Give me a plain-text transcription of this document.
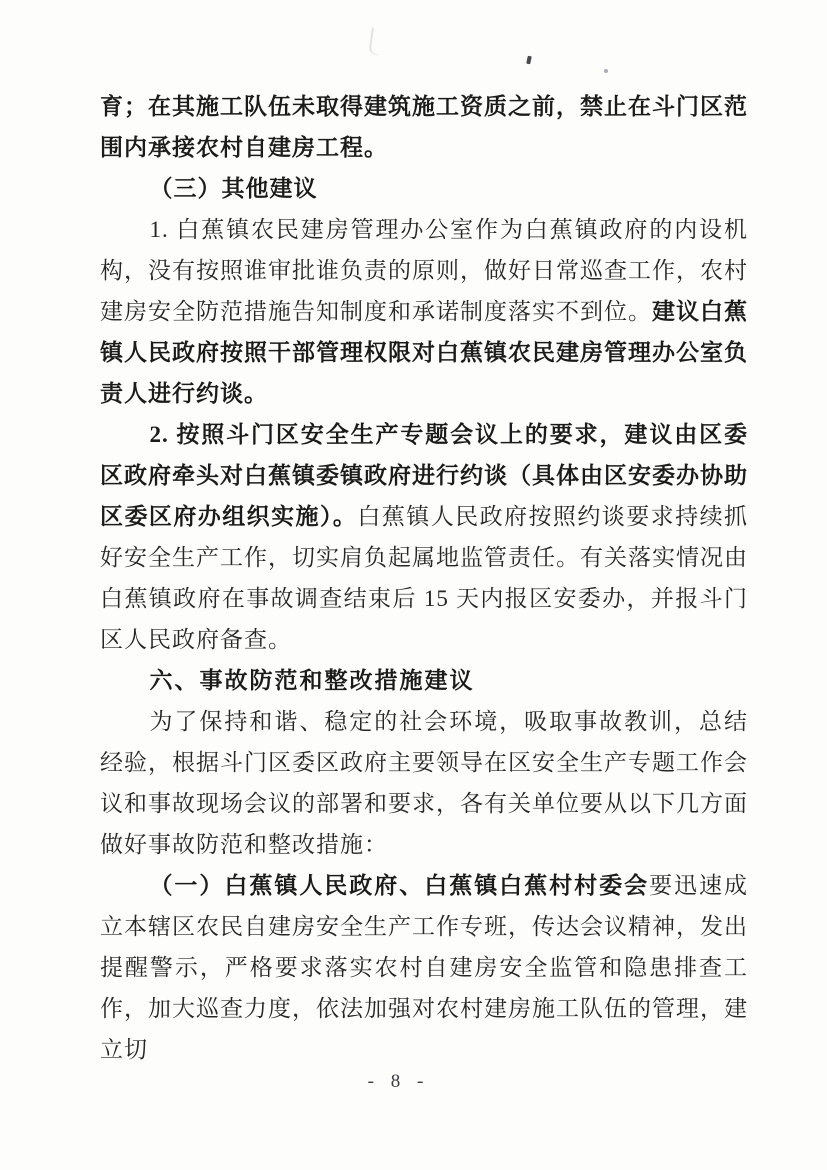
育；在其施工队伍未取得建筑施工资质之前，禁止在斗门区范围内承接农村自建房工程。

（三）其他建议

1. 白蕉镇农民建房管理办公室作为白蕉镇政府的内设机构，没有按照谁审批谁负责的原则，做好日常巡查工作，农村建房安全防范措施告知制度和承诺制度落实不到位。建议白蕉镇人民政府按照干部管理权限对白蕉镇农民建房管理办公室负责人进行约谈。

2. 按照斗门区安全生产专题会议上的要求，建议由区委区政府牵头对白蕉镇委镇政府进行约谈（具体由区安委办协助区委区府办组织实施）。白蕉镇人民政府按照约谈要求持续抓好安全生产工作，切实肩负起属地监管责任。有关落实情况由白蕉镇政府在事故调查结束后 15 天内报区安委办，并报斗门区人民政府备查。

六、事故防范和整改措施建议

为了保持和谐、稳定的社会环境，吸取事故教训，总结经验，根据斗门区委区政府主要领导在区安全生产专题工作会议和事故现场会议的部署和要求，各有关单位要从以下几方面做好事故防范和整改措施：

（一）白蕉镇人民政府、白蕉镇白蕉村村委会要迅速成立本辖区农民自建房安全生产工作专班，传达会议精神，发出提醒警示，严格要求落实农村自建房安全监管和隐患排查工作，加大巡查力度，依法加强对农村建房施工队伍的管理，建立切

- 8 -
